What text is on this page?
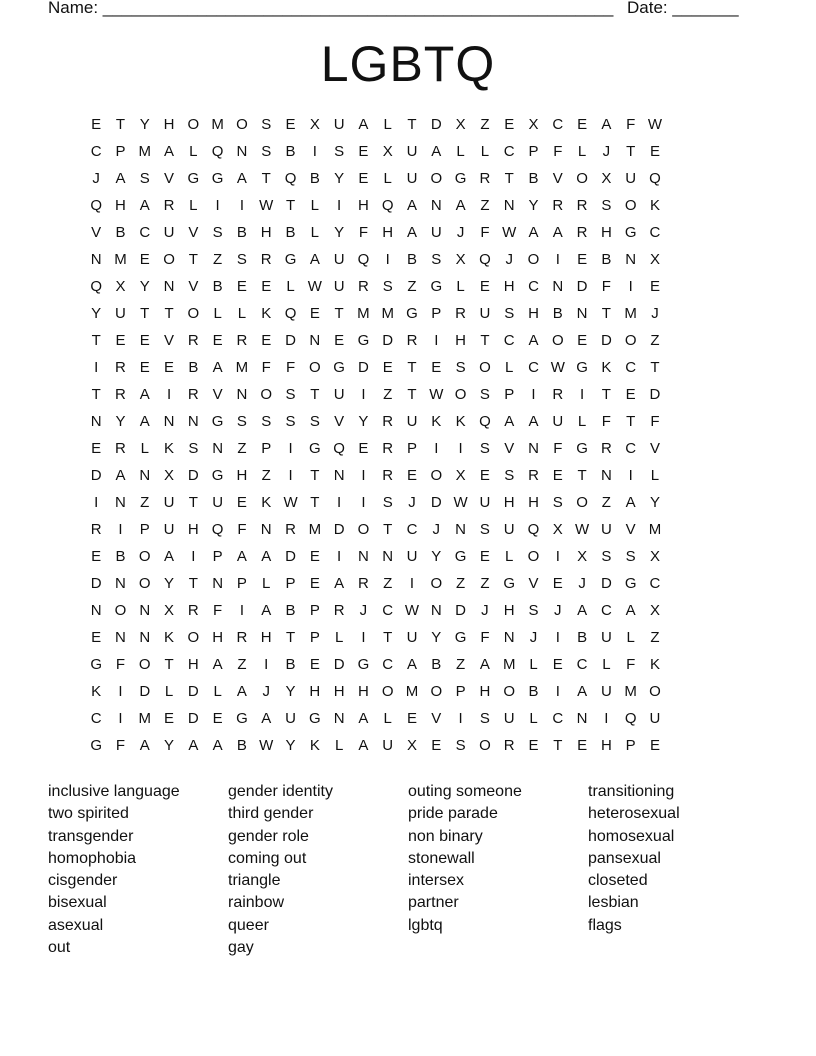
Name: ______________________________________________________ Date: _______
LGBTQ
E T Y H O M O S E X U A	L	T D X Z E X C E A F W
C P M A	L Q N S B	I	S E X U A	L	L C P F	L	J	T E
J	A S V G G A T Q B Y E	L U O G R T B V O X U Q
Q H A R L	I	I	W T	L	I	H Q A N A Z N Y R R S O K
V B C U V S B H B	L	Y F H A U	J	F W A A R H G C
N M E O T	Z S R G A U Q	I	B S X Q J O	I	E B N X
Q X Y N V B E E	L W U R S Z G L	E H C N D F	I	E
Y U T	T O L	L	K Q E T M M G P R U S H B N T M J
T E E V R E R E D N E G D R	I	H T C A O E D O Z
I	R E E B A M F	F O G D E T E S O L C W G K C T
T R A	I	R V N O S T U	I	Z	T W O S P	I	R	I	T E D
N Y A N N G S S S S V Y R U K K Q A A U L	F	T	F
E R L	K S N Z P	I	G Q E R P	I	I	S V N F G R C V
D A N X D G H Z	I	T N	I	R E O X E S R E T N	I	L
I	N Z U T U E K W T	I	I	S	J	D W U H H S O Z A Y
R	I	P U H Q F N R M D O T C	J	N S U Q X W U V M
E B O A	I	P A A D E	I	N N U Y G E	L O	I	X S S X
D N O Y T N P	L	P E A R Z	I	O Z	Z G V E	J	D G C
N O N X R F	I	A B P R	J	C W N D	J	H S	J	A C A X
E N N K O H R H T P	L	I	T U Y G F N	J	I	B U L	Z
G F O T H A Z	I	B E D G C A B Z A M L	E C L	F K
K	I	D L D L	A	J	Y H H H O M O P H O B	I	A U M O
C	I	M E D E G A U G N A	L	E V	I	S U L C N	I	Q U
G F A Y A A B W Y K	L	A U X E S O R E T E H P E
inclusive language
two spirited
transgender
homophobia
cisgender
bisexual
asexual
out
gender identity
third gender
gender role
coming out
triangle
rainbow
queer
gay
outing someone
pride parade
non binary
stonewall
intersex
partner
lgbtq
transitioning
heterosexual
homosexual
pansexual
closeted
lesbian
flags
